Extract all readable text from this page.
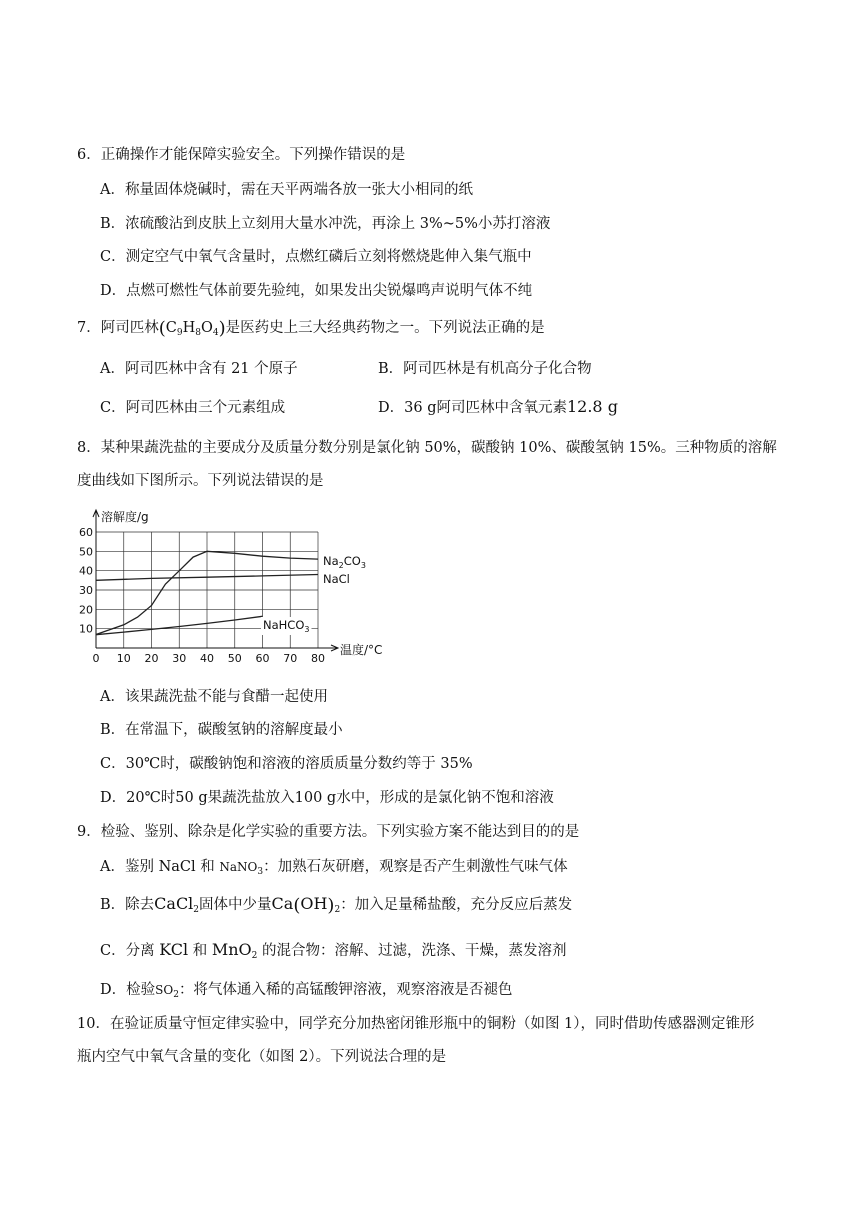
6．正确操作才能保障实验安全。下列操作错误的是
A．称量固体烧碱时，需在天平两端各放一张大小相同的纸
B．浓硫酸沾到皮肤上立刻用大量水冲洗，再涂上 3%~5%小苏打溶液
C．测定空气中氧气含量时，点燃红磷后立刻将燃烧匙伸入集气瓶中
D．点燃可燃性气体前要先验纯，如果发出尖锐爆鸣声说明气体不纯
7．阿司匹林$(C_9H_8O_4)$是医药史上三大经典药物之一。下列说法正确的是
A．阿司匹林中含有 21 个原子	B．阿司匹林是有机高分子化合物
C．阿司匹林由三个元素组成	D．36 g阿司匹林中含氧元素12.8 g
8．某种果蔬洗盐的主要成分及质量分数分别是氯化钠 50%，碳酸钠 10%、碳酸氢钠 15%。三种物质的溶解
度曲线如下图所示。下列说法错误的是
0 10 20 30 40 50 60 70 80
10
20
30
40
50
60
$Na_2CO_3$
NaCl
NaHCO$_3$
溶解度/g
温度/°C
A．该果蔬洗盐不能与食醋一起使用
B．在常温下，碳酸氢钠的溶解度最小
C．30℃时，碳酸钠饱和溶液的溶质质量分数约等于 35%
D．20℃时50 g果蔬洗盐放入100 g水中，形成的是氯化钠不饱和溶液
9．检验、鉴别、除杂是化学实验的重要方法。下列实验方案不能达到目的的是
A．鉴别 NaCl 和 NaNO$_3$：加熟石灰研磨，观察是否产生刺激性气味气体
B．除去CaCl$_2$固体中少量$Ca(OH)_2$：加入足量稀盐酸，充分反应后蒸发
C．分离 KCl 和 MnO$_2$ 的混合物：溶解、过滤，洗涤、干燥，蒸发溶剂
D．检验$SO_2$：将气体通入稀的高锰酸钾溶液，观察溶液是否褪色
10．在验证质量守恒定律实验中，同学充分加热密闭锥形瓶中的铜粉（如图 1），同时借助传感器测定锥形
瓶内空气中氧气含量的变化（如图 2）。下列说法合理的是
